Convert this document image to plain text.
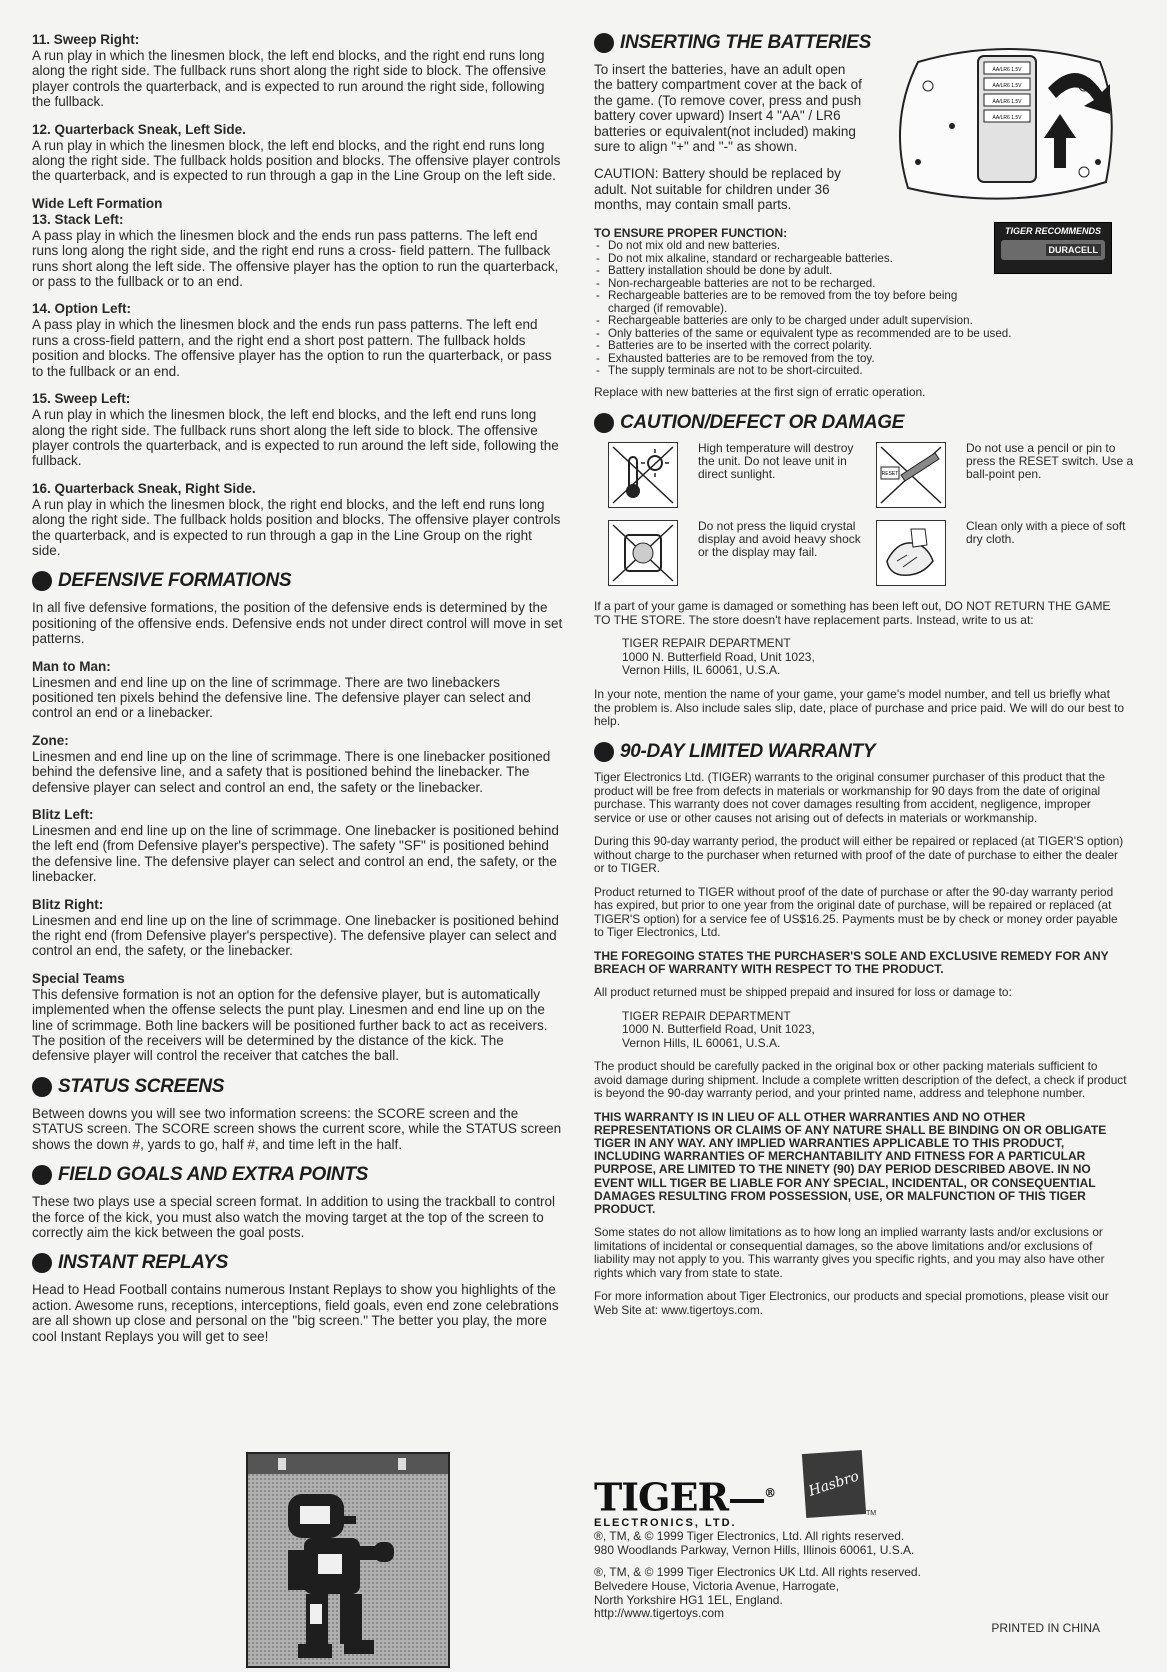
11. Sweep Right:

A run play in which the linesmen block, the left end blocks, and the right end runs long along the right side. The fullback runs short along the right side to block. The offensive player controls the quarterback, and is expected to run around the right side, following the fullback.

12. Quarterback Sneak, Left Side.

A run play in which the linesmen block, the left end blocks, and the right end runs long along the right side. The fullback holds position and blocks. The offensive player controls the quarterback, and is expected to run through a gap in the Line Group on the left side.

Wide Left Formation
13. Stack Left:

A pass play in which the linesmen block and the ends run pass patterns. The left end runs long along the right side, and the right end runs a cross- field pattern. The fullback runs short along the left side. The offensive player has the option to run the quarterback, or pass to the fullback or to an end.

14. Option Left:

A pass play in which the linesmen block and the ends run pass patterns. The left end runs a cross-field pattern, and the right end a short post pattern. The fullback holds position and blocks. The offensive player has the option to run the quarterback, or pass to the fullback or an end.

15. Sweep Left:

A run play in which the linesmen block, the left end blocks, and the left end runs long along the right side. The fullback runs short along the left side to block. The offensive player controls the quarterback, and is expected to run around the left side, following the fullback.

16. Quarterback Sneak, Right Side.

A run play in which the linesmen block, the right end blocks, and the left end runs long along the right side. The fullback holds position and blocks. The offensive player controls the quarterback, and is expected to run through a gap in the Line Group on the right side.

DEFENSIVE FORMATIONS

In all five defensive formations, the position of the defensive ends is determined by the positioning of the offensive ends. Defensive ends not under direct control will move in set patterns.

Man to Man:

Linesmen and end line up on the line of scrimmage. There are two linebackers positioned ten pixels behind the defensive line. The defensive player can select and control an end or a linebacker.

Zone:

Linesmen and end line up on the line of scrimmage. There is one linebacker positioned behind the defensive line, and a safety that is positioned behind the linebacker. The defensive player can select and control an end, the safety or the linebacker.

Blitz Left:

Linesmen and end line up on the line of scrimmage. One linebacker is positioned behind the left end (from Defensive player's perspective). The safety "SF" is positioned behind the defensive line. The defensive player can select and control an end, the safety, or the linebacker.

Blitz Right:

Linesmen and end line up on the line of scrimmage. One linebacker is positioned behind the right end (from Defensive player's perspective). The defensive player can select and control an end, the safety, or the linebacker.

Special Teams

This defensive formation is not an option for the defensive player, but is automatically implemented when the offense selects the punt play. Linesmen and end line up on the line of scrimmage. Both line backers will be positioned further back to act as receivers. The position of the receivers will be determined by the distance of the kick. The defensive player will control the receiver that catches the ball.

STATUS SCREENS

Between downs you will see two information screens: the SCORE screen and the STATUS screen. The SCORE screen shows the current score, while the STATUS screen shows the down #, yards to go, half #, and time left in the half.

FIELD GOALS AND EXTRA POINTS

These two plays use a special screen format. In addition to using the trackball to control the force of the kick, you must also watch the moving target at the top of the screen to correctly aim the kick between the goal posts.

INSTANT REPLAYS

Head to Head Football contains numerous Instant Replays to show you highlights of the action. Awesome runs, receptions, interceptions, field goals, even end zone celebrations are all shown up close and personal on the "big screen." The better you play, the more cool Instant Replays you will get to see!

INSERTING THE BATTERIES

To insert the batteries, have an adult open the battery compartment cover at the back of the game. (To remove cover, press and push battery cover upward) Insert 4 "AA" / LR6 batteries or equivalent(not included) making sure to align "+" and "-" as shown.

CAUTION: Battery should be replaced by adult. Not suitable for children under 36 months, may contain small parts.

AA/LR6 1.5V
AA/LR6 1.5V
AA/LR6 1.5V
AA/LR6 1.5V
TIGER RECOMMENDS
DURACELL

TO ENSURE PROPER FUNCTION:

- Do not mix old and new batteries.
- Do not mix alkaline, standard or rechargeable batteries.
- Battery installation should be done by adult.
- Non-rechargeable batteries are not to be recharged.
- Rechargeable batteries are to be removed from the toy before being charged (if removable).
- Rechargeable batteries are only to be charged under adult supervision.
- Only batteries of the same or equivalent type as recommended are to be used.
- Batteries are to be inserted with the correct polarity.
- Exhausted batteries are to be removed from the toy.
- The supply terminals are not to be short-circuited.

Replace with new batteries at the first sign of erratic operation.

CAUTION/DEFECT OR DAMAGE
High temperature will destroy the unit. Do not leave unit in direct sunlight.	RESET
Do not use a pencil or pin to press the RESET switch. Use a ball-point pen.
Do not press the liquid crystal display and avoid heavy shock or the display may fail.
Clean only with a piece of soft dry cloth.

If a part of your game is damaged or something has been left out, DO NOT RETURN THE GAME TO THE STORE. The store doesn't have replacement parts. Instead, write to us at:

TIGER REPAIR DEPARTMENT

1000 N. Butterfield Road, Unit 1023,

Vernon Hills, IL 60061, U.S.A.

In your note, mention the name of your game, your game's model number, and tell us briefly what the problem is. Also include sales slip, date, place of purchase and price paid. We will do our best to help.

90-DAY LIMITED WARRANTY

Tiger Electronics Ltd. (TIGER) warrants to the original consumer purchaser of this product that the product will be free from defects in materials or workmanship for 90 days from the date of original purchase. This warranty does not cover damages resulting from accident, negligence, improper service or use or other causes not arising out of defects in materials or workmanship.

During this 90-day warranty period, the product will either be repaired or replaced (at TIGER'S option) without charge to the purchaser when returned with proof of the date of purchase to either the dealer or to TIGER.

Product returned to TIGER without proof of the date of purchase or after the 90-day warranty period has expired, but prior to one year from the original date of purchase, will be repaired or replaced (at TIGER'S option) for a service fee of US$16.25. Payments must be by check or money order payable to Tiger Electronics, Ltd.

THE FOREGOING STATES THE PURCHASER'S SOLE AND EXCLUSIVE REMEDY FOR ANY BREACH OF WARRANTY WITH RESPECT TO THE PRODUCT.

All product returned must be shipped prepaid and insured for loss or damage to:

TIGER REPAIR DEPARTMENT

1000 N. Butterfield Road, Unit 1023,

Vernon Hills, IL 60061, U.S.A.

The product should be carefully packed in the original box or other packing materials sufficient to avoid damage during shipment. Include a complete written description of the defect, a check if product is beyond the 90-day warranty period, and your printed name, address and telephone number.

THIS WARRANTY IS IN LIEU OF ALL OTHER WARRANTIES AND NO OTHER REPRESENTATIONS OR CLAIMS OF ANY NATURE SHALL BE BINDING ON OR OBLIGATE TIGER IN ANY WAY. ANY IMPLIED WARRANTIES APPLICABLE TO THIS PRODUCT, INCLUDING WARRANTIES OF MERCHANTABILITY AND FITNESS FOR A PARTICULAR PURPOSE, ARE LIMITED TO THE NINETY (90) DAY PERIOD DESCRIBED ABOVE. IN NO EVENT WILL TIGER BE LIABLE FOR ANY SPECIAL, INCIDENTAL, OR CONSEQUENTIAL DAMAGES RESULTING FROM POSSESSION, USE, OR MALFUNCTION OF THIS TIGER PRODUCT.

Some states do not allow limitations as to how long an implied warranty lasts and/or exclusions or limitations of incidental or consequential damages, so the above limitations and/or exclusions of liability may not apply to you. This warranty gives you specific rights, and you may also have other rights which vary from state to state.

For more information about Tiger Electronics, our products and special promotions, please visit our Web Site at: www.tigertoys.com.

TIGER	®
ELECTRONICS, LTD.
Hasbro
TM

®, TM, & © 1999 Tiger Electronics, Ltd. All rights reserved.

980 Woodlands Parkway, Vernon Hills, Illinois 60061, U.S.A.

®, TM, & © 1999 Tiger Electronics UK Ltd. All rights reserved.

Belvedere House, Victoria Avenue, Harrogate,

North Yorkshire HG1 1EL, England.

http://www.tigertoys.com

PRINTED IN CHINA
